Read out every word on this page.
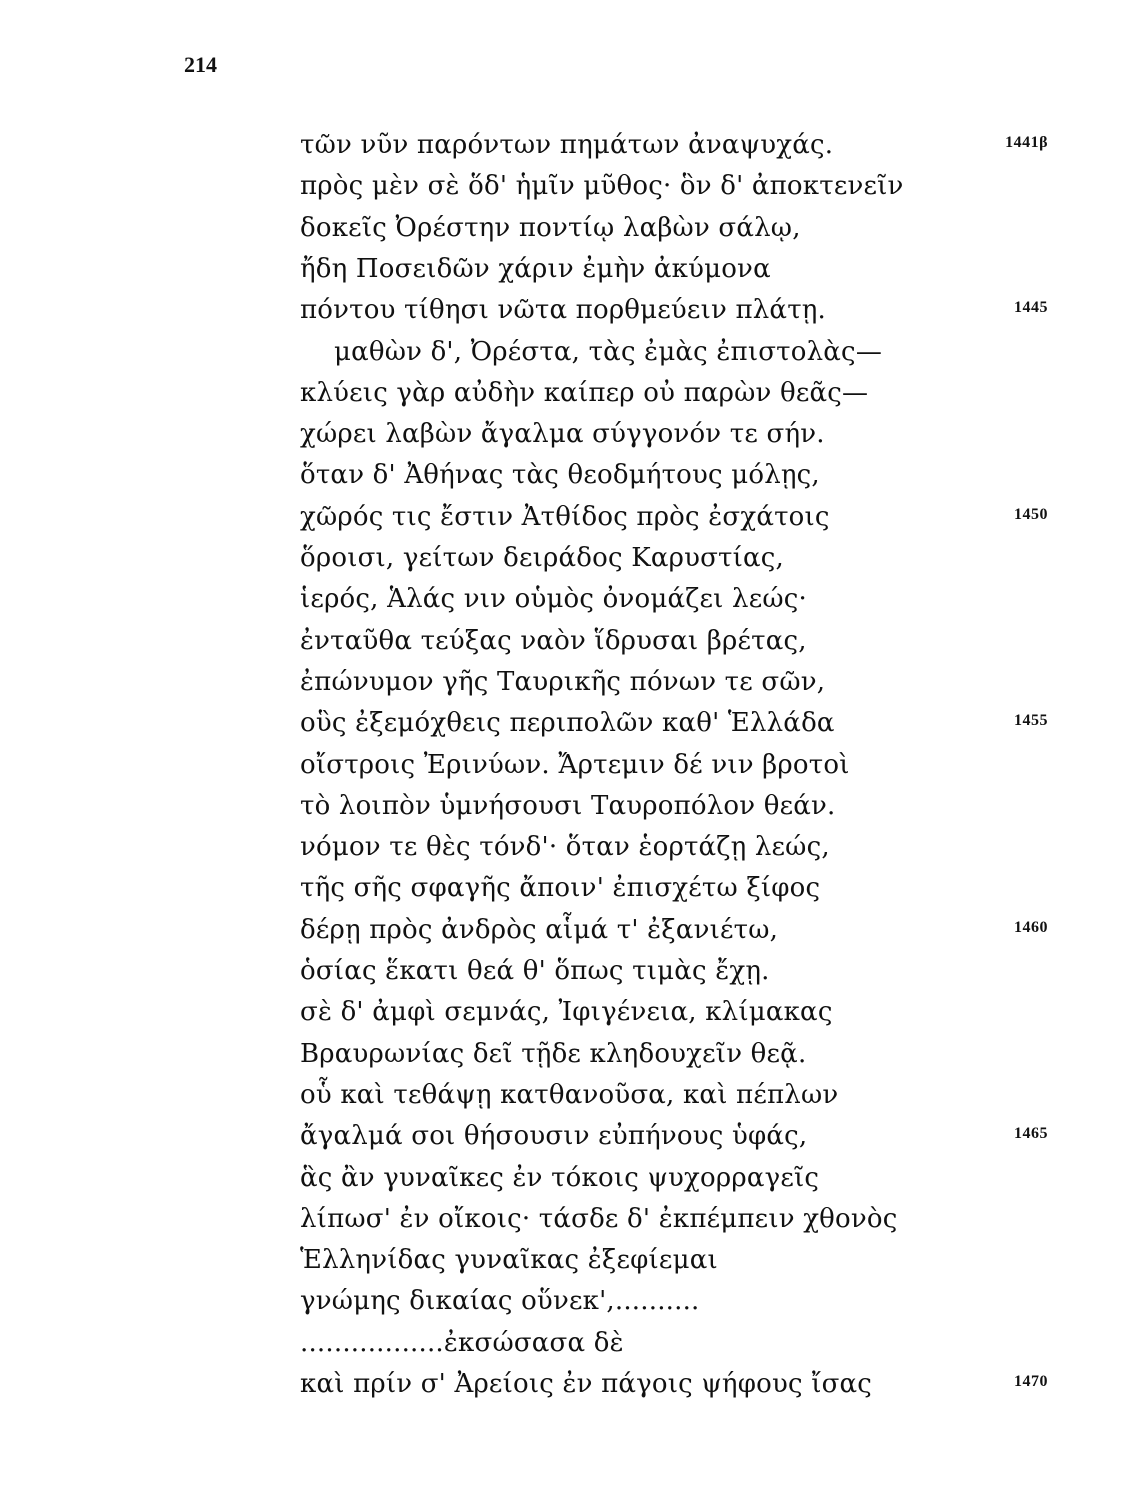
214
τῶν νῦν παρόντων πημάτων ἀναψυχάς.	1441β
πρὸς μὲν σὲ ὅδ' ἡμῖν μῦθος· ὃν δ' ἀποκτενεῖν
δοκεῖς Ὀρέστην ποντίῳ λαβὼν σάλῳ,
ἤδη Ποσειδῶν χάριν ἐμὴν ἀκύμονα
πόντου τίθησι νῶτα πορθμεύειν πλάτῃ.	1445
μαθὼν δ', Ὀρέστα, τὰς ἐμὰς ἐπιστολὰς—
κλύεις γὰρ αὐδὴν καίπερ οὐ παρὼν θεᾶς—
χώρει λαβὼν ἄγαλμα σύγγονόν τε σήν.
ὅταν δ' Ἀθήνας τὰς θεοδμήτους μόλῃς,
χῶρός τις ἔστιν Ἀτθίδος πρὸς ἐσχάτοις	1450
ὅροισι, γείτων δειράδος Καρυστίας,
ἱερός, Ἁλάς νιν οὑμὸς ὀνομάζει λεώς·
ἐνταῦθα τεύξας ναὸν ἵδρυσαι βρέτας,
ἐπώνυμον γῆς Ταυρικῆς πόνων τε σῶν,
οὓς ἐξεμόχθεις περιπολῶν καθ' Ἑλλάδα	1455
οἴστροις Ἐρινύων. Ἄρτεμιν δέ νιν βροτοὶ
τὸ λοιπὸν ὑμνήσουσι Ταυροπόλον θεάν.
νόμον τε θὲς τόνδ'· ὅταν ἑορτάζῃ λεώς,
τῆς σῆς σφαγῆς ἄποιν' ἐπισχέτω ξίφος
δέρῃ πρὸς ἀνδρὸς αἷμά τ' ἐξανιέτω,	1460
ὁσίας ἕκατι θεά θ' ὅπως τιμὰς ἔχῃ.
σὲ δ' ἀμφὶ σεμνάς, Ἰφιγένεια, κλίμακας
Βραυρωνίας δεῖ τῇδε κληδουχεῖν θεᾷ.
οὗ καὶ τεθάψῃ κατθανοῦσα, καὶ πέπλων
ἄγαλμά σοι θήσουσιν εὐπήνους ὑφάς,	1465
ἃς ἂν γυναῖκες ἐν τόκοις ψυχορραγεῖς
λίπωσ' ἐν οἴκοις· τάσδε δ' ἐκπέμπειν χθονὸς
Ἑλληνίδας γυναῖκας ἐξεφίεμαι
γνώμης δικαίας οὕνεκ',..........
.................ἐκσώσασα δὲ
καὶ πρίν σ' Ἀρείοις ἐν πάγοις ψήφους ἴσας	1470
